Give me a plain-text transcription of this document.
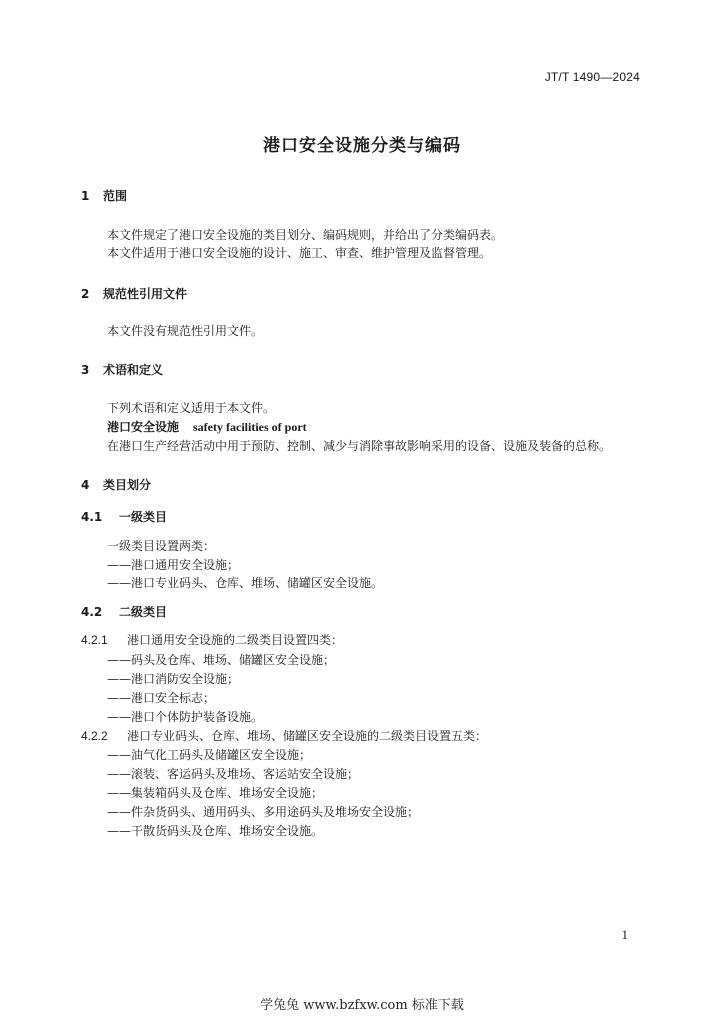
JT/T 1490—2024
港口安全设施分类与编码
1 范围
本文件规定了港口安全设施的类目划分、编码规则，并给出了分类编码表。
本文件适用于港口安全设施的设计、施工、审查、维护管理及监督管理。
2 规范性引用文件
本文件没有规范性引用文件。
3 术语和定义
下列术语和定义适用于本文件。
港口安全设施 safety facilities of port
在港口生产经营活动中用于预防、控制、减少与消除事故影响采用的设备、设施及装备的总称。
4 类目划分
4.1 一级类目
一级类目设置两类：
——港口通用安全设施；
——港口专业码头、仓库、堆场、储罐区安全设施。
4.2 二级类目
4.2.1 港口通用安全设施的二级类目设置四类：
——码头及仓库、堆场、储罐区安全设施；
——港口消防安全设施；
——港口安全标志；
——港口个体防护装备设施。
4.2.2 港口专业码头、仓库、堆场、储罐区安全设施的二级类目设置五类：
——油气化工码头及储罐区安全设施；
——滚装、客运码头及堆场、客运站安全设施；
——集装箱码头及仓库、堆场安全设施；
——件杂货码头、通用码头、多用途码头及堆场安全设施；
——干散货码头及仓库、堆场安全设施。
1
学兔兔 www.bzfxw.com 标准下载
